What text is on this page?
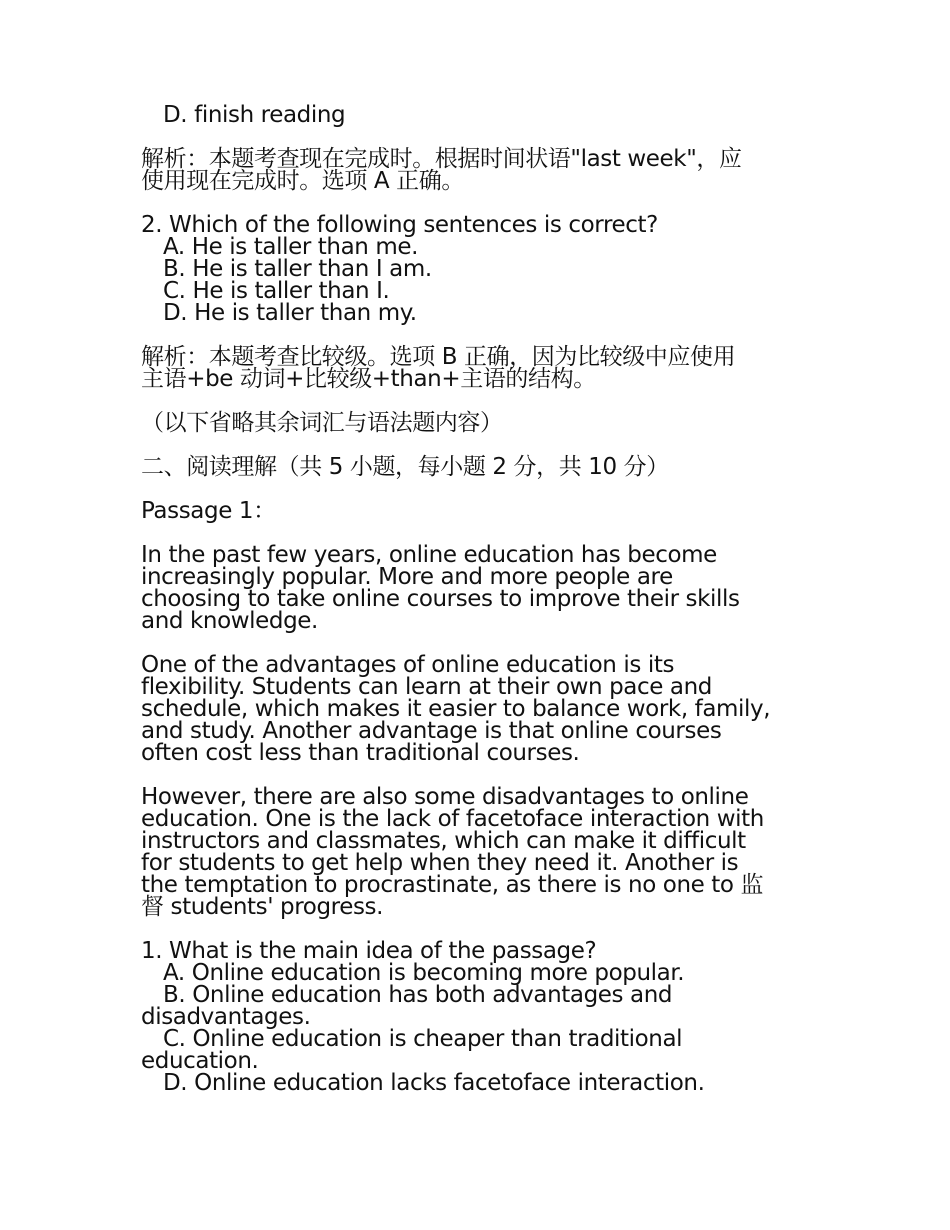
D. finish reading
解析：本题考查现在完成时。根据时间状语"last week"，应
使用现在完成时。选项 A 正确。
2. Which of the following sentences is correct?
A. He is taller than me.
B. He is taller than I am.
C. He is taller than I.
D. He is taller than my.
解析：本题考查比较级。选项 B 正确，因为比较级中应使用
主语+be 动词+比较级+than+主语的结构。
（以下省略其余词汇与语法题内容）
二、阅读理解（共 5 小题，每小题 2 分，共 10 分）
Passage 1：
In the past few years, online education has become
increasingly popular. More and more people are
choosing to take online courses to improve their skills
and knowledge.
One of the advantages of online education is its
flexibility. Students can learn at their own pace and
schedule, which makes it easier to balance work, family,
and study. Another advantage is that online courses
often cost less than traditional courses.
However, there are also some disadvantages to online
education. One is the lack of facetoface interaction with
instructors and classmates, which can make it difficult
for students to get help when they need it. Another is
the temptation to procrastinate, as there is no one to 监
督 students' progress.
1. What is the main idea of the passage?
A. Online education is becoming more popular.
B. Online education has both advantages and
disadvantages.
C. Online education is cheaper than traditional
education.
D. Online education lacks facetoface interaction.
